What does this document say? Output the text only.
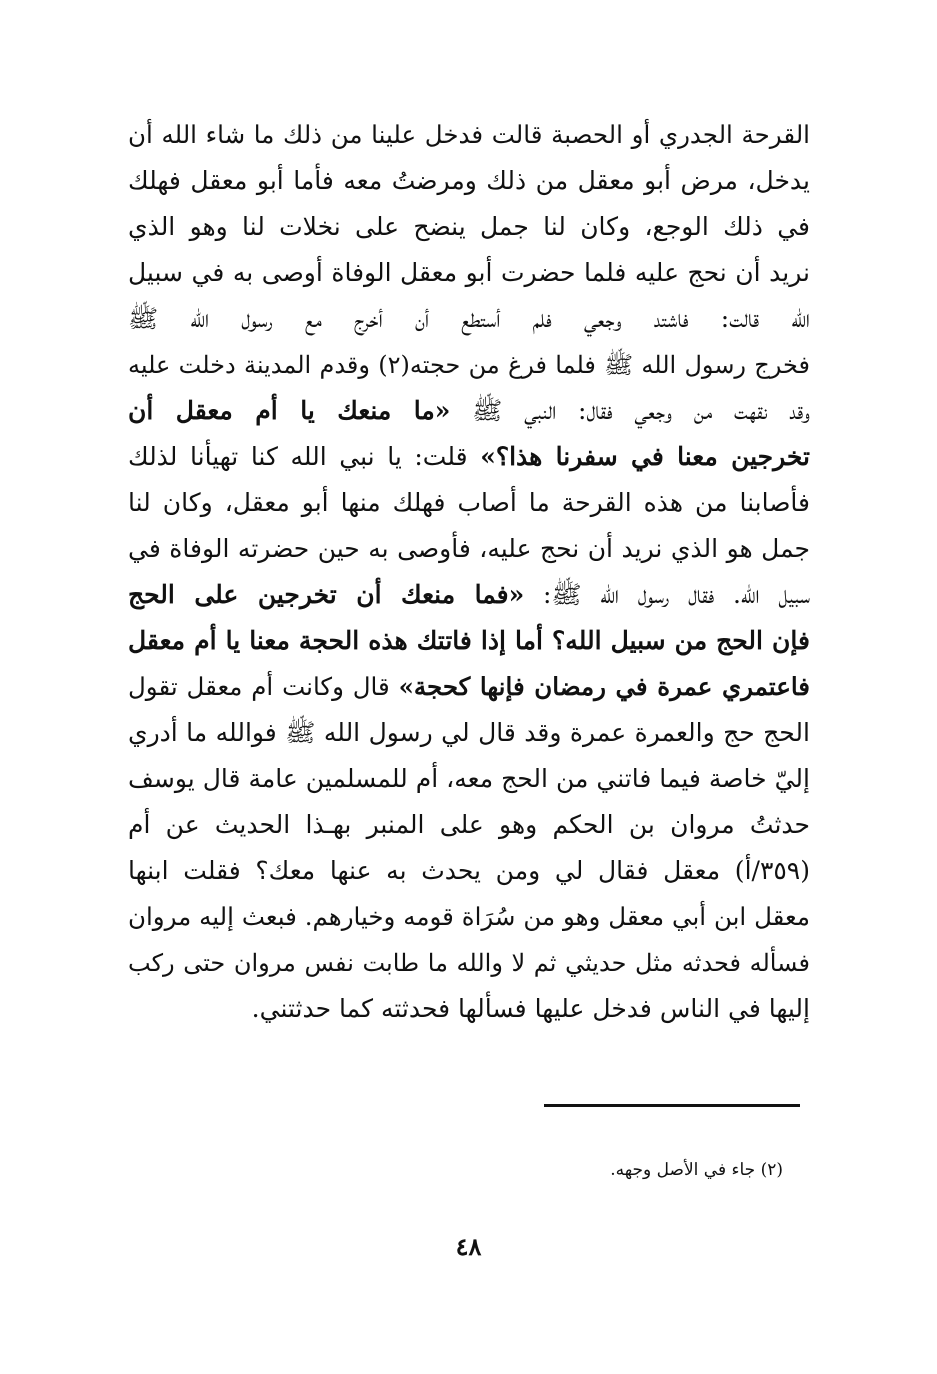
القرحة الجدري أو الحصبة قالت فدخل علينا من ذلك ما شاء الله أن
يدخل، مرض أبو معقل من ذلك ومرضتُ معه فأما أبو معقل فهلك
في ذلك الوجع، وكان لنا جمل ينضح على نخلات لنا وهو الذي
نريد أن نحج عليه فلما حضرت أبو معقل الوفاة أوصى به في سبيل
الله قالت: فاشتد وجعي فلم أستطع أن أخرج مع رسول الله ﷺ
فخرج رسول الله ﷺ فلما فرغ من حجته(٢) وقدم المدينة دخلت عليه
وقد نقهت من وجعي فقال: النبي ﷺ «ما منعك يا أم معقل أن
تخرجين معنا في سفرنا هذا؟» قلت: يا نبي الله كنا تهيأنا لذلك
فأصابنا من هذه القرحة ما أصاب فهلك منها أبو معقل، وكان لنا
جمل هو الذي نريد أن نحج عليه، فأوصى به حين حضرته الوفاة في
سبيل الله. فقال رسول الله ﷺ: «فما منعك أن تخرجين على الحج
فإن الحج من سبيل الله؟ أما إذا فاتتك هذه الحجة معنا يا أم معقل
فاعتمري عمرة في رمضان فإنها كحجة» قال وكانت أم معقل تقول
الحج حج والعمرة عمرة وقد قال لي رسول الله ﷺ فوالله ما أدري
إليّ خاصة فيما فاتني من الحج معه، أم للمسلمين عامة قال يوسف
حدثتُ مروان بن الحكم وهو على المنبر بهـذا الحديث عن أم
(٣٥٩/أ) معقل فقال لي ومن يحدث به عنها معك؟ فقلت ابنها
معقل ابن أبي معقل وهو من سُرَاة قومه وخيارهم. فبعث إليه مروان
فسأله فحدثه مثل حديثي ثم لا والله ما طابت نفس مروان حتى ركب
إليها في الناس فدخل عليها فسألها فحدثته كما حدثتني.
(٢) جاء في الأصل وجهه.
٤٨
